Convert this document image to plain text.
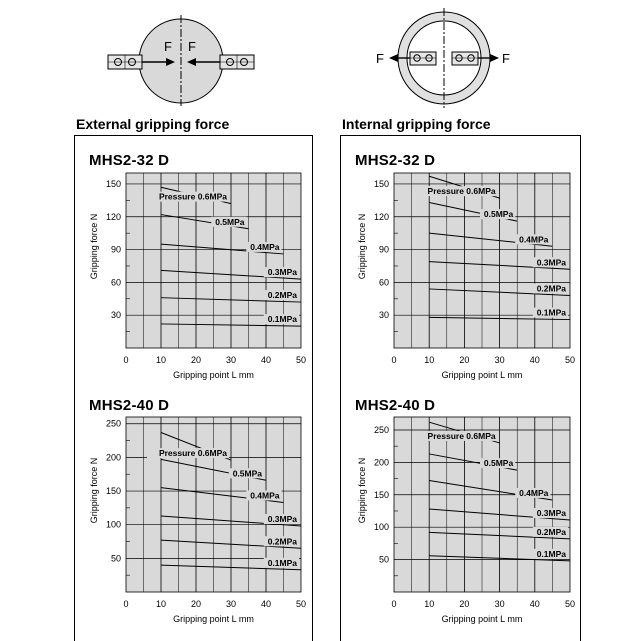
F F
F	F
External gripping force	Internal gripping force
MHS2-32 D	MHS2-32 D
MHS2-40 D	MHS2-40 D
30
60
90
120
150
0	10	20	30	40	50
Gripping point L mm
Gripping force N
Pressure 0.6MPa
0.5MPa
0.4MPa
0.3MPa
0.2MPa
0.1MPa	30
60
90
120
150
0	10	20	30	40	50
Gripping point L mm
Gripping force N
Pressure 0.6MPa
0.5MPa
0.4MPa
0.3MPa
0.2MPa
0.1MPa
50
100
150
200
250
0	10	20	30	40	50
Gripping point L mm
Gripping force N
Pressure 0.6MPa
0.5MPa
0.4MPa
0.3MPa
0.2MPa
0.1MPa	50
100
150
200
250
0	10	20	30	40	50
Gripping point L mm
Gripping force N
Pressure 0.6MPa
0.5MPa
0.4MPa
0.3MPa
0.2MPa
0.1MPa
